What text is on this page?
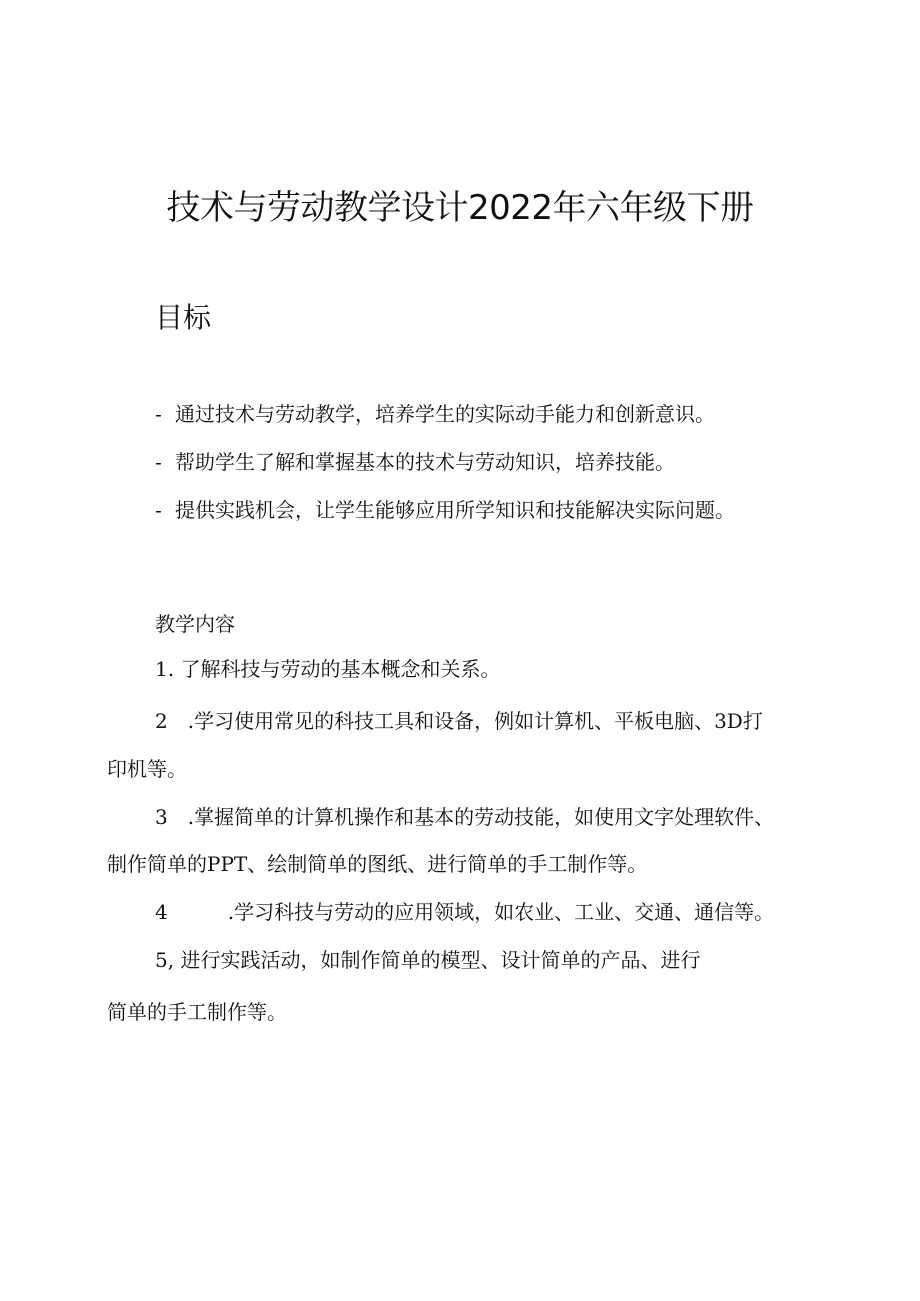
技术与劳动教学设计2022年六年级下册
目标
- 通过技术与劳动教学，培养学生的实际动手能力和创新意识。
- 帮助学生了解和掌握基本的技术与劳动知识，培养技能。
- 提供实践机会，让学生能够应用所学知识和技能解决实际问题。
教学内容
1. 了解科技与劳动的基本概念和关系。
2　.学习使用常见的科技工具和设备，例如计算机、平板电脑、3D打
印机等。
3　.掌握简单的计算机操作和基本的劳动技能，如使用文字处理软件、
制作简单的PPT、绘制简单的图纸、进行简单的手工制作等。
4　　　.学习科技与劳动的应用领域，如农业、工业、交通、通信等。
5, 进行实践活动，如制作简单的模型、设计简单的产品、进行
简单的手工制作等。
